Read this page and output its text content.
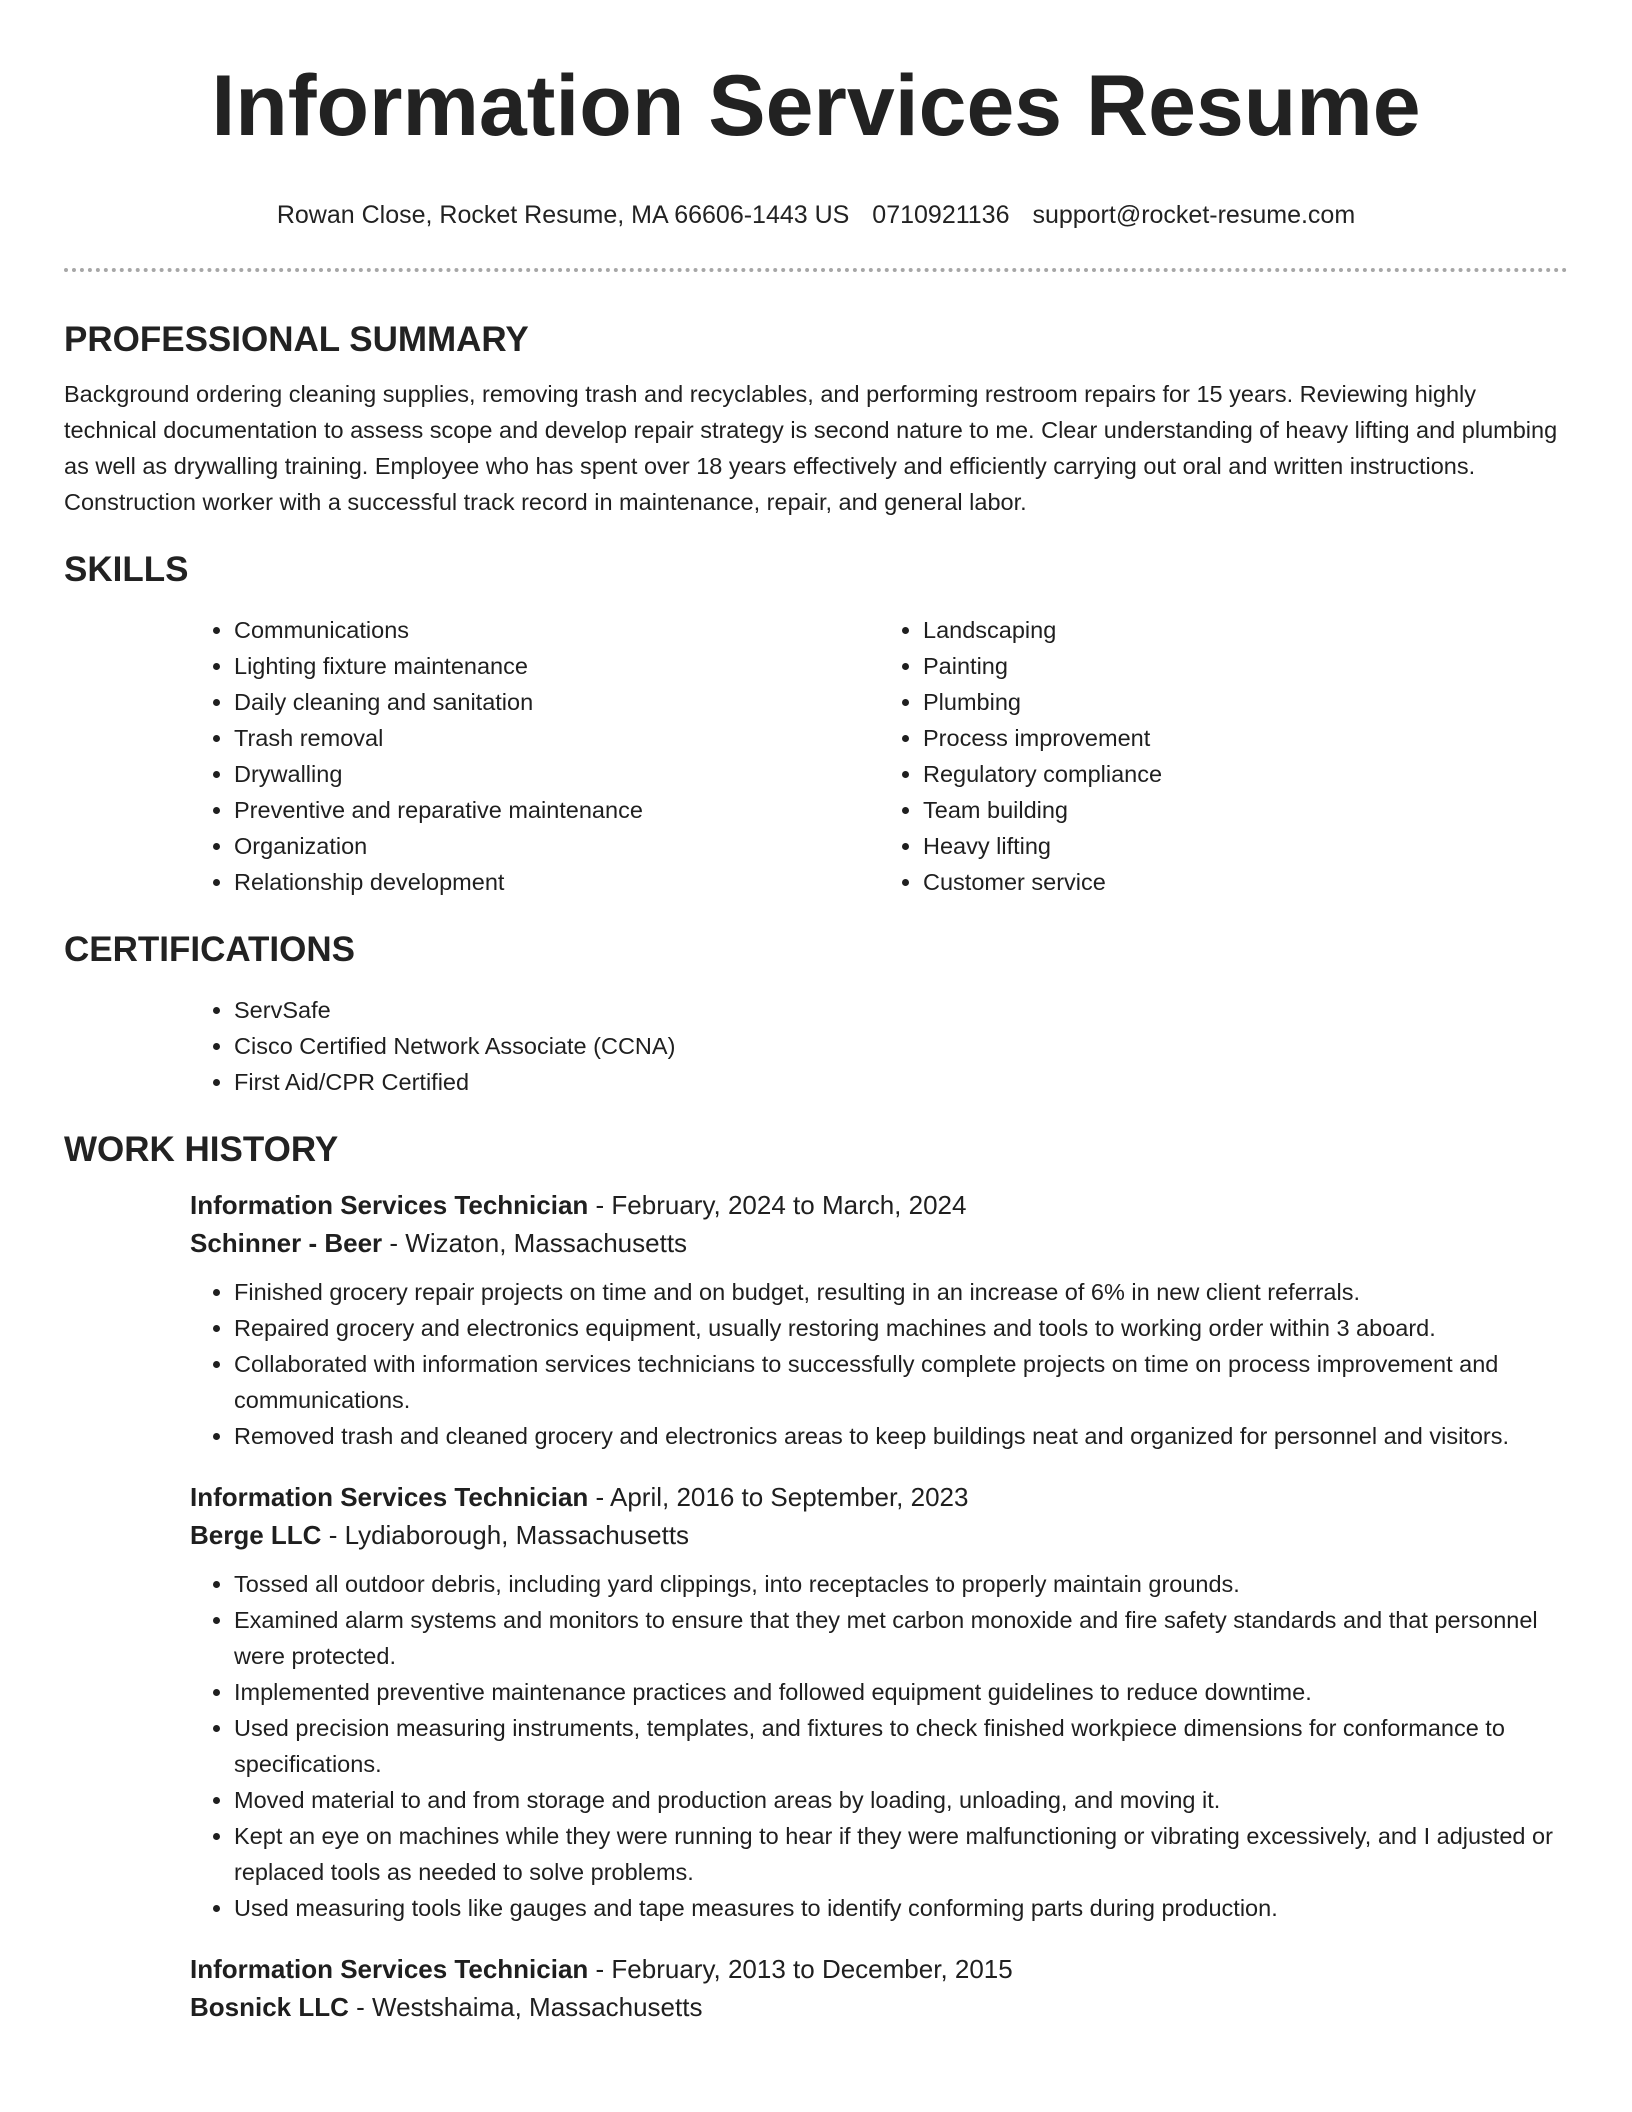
Information Services Resume
Rowan Close, Rocket Resume, MA 66606-1443 US 0710921136 support@rocket-resume.com
PROFESSIONAL SUMMARY

Background ordering cleaning supplies, removing trash and recyclables, and performing restroom repairs for 15 years. Reviewing highly technical documentation to assess scope and develop repair strategy is second nature to me. Clear understanding of heavy lifting and plumbing as well as drywalling training. Employee who has spent over 18 years effectively and efficiently carrying out oral and written instructions. Construction worker with a successful track record in maintenance, repair, and general labor.

SKILLS
• Communications
• Lighting fixture maintenance
• Daily cleaning and sanitation
• Trash removal
• Drywalling
• Preventive and reparative maintenance
• Organization
• Relationship development
• Landscaping
• Painting
• Plumbing
• Process improvement
• Regulatory compliance
• Team building
• Heavy lifting
• Customer service
CERTIFICATIONS
• ServSafe
• Cisco Certified Network Associate (CCNA)
• First Aid/CPR Certified
WORK HISTORY

Information Services Technician - February, 2024 to March, 2024

Schinner - Beer - Wizaton, Massachusetts

• Finished grocery repair projects on time and on budget, resulting in an increase of 6% in new client referrals.
• Repaired grocery and electronics equipment, usually restoring machines and tools to working order within 3 aboard.
• Collaborated with information services technicians to successfully complete projects on time on process improvement and communications.
• Removed trash and cleaned grocery and electronics areas to keep buildings neat and organized for personnel and visitors.

Information Services Technician - April, 2016 to September, 2023

Berge LLC - Lydiaborough, Massachusetts

• Tossed all outdoor debris, including yard clippings, into receptacles to properly maintain grounds.
• Examined alarm systems and monitors to ensure that they met carbon monoxide and fire safety standards and that personnel were protected.
• Implemented preventive maintenance practices and followed equipment guidelines to reduce downtime.
• Used precision measuring instruments, templates, and fixtures to check finished workpiece dimensions for conformance to specifications.
• Moved material to and from storage and production areas by loading, unloading, and moving it.
• Kept an eye on machines while they were running to hear if they were malfunctioning or vibrating excessively, and I adjusted or replaced tools as needed to solve problems.
• Used measuring tools like gauges and tape measures to identify conforming parts during production.

Information Services Technician - February, 2013 to December, 2015

Bosnick LLC - Westshaima, Massachusetts
